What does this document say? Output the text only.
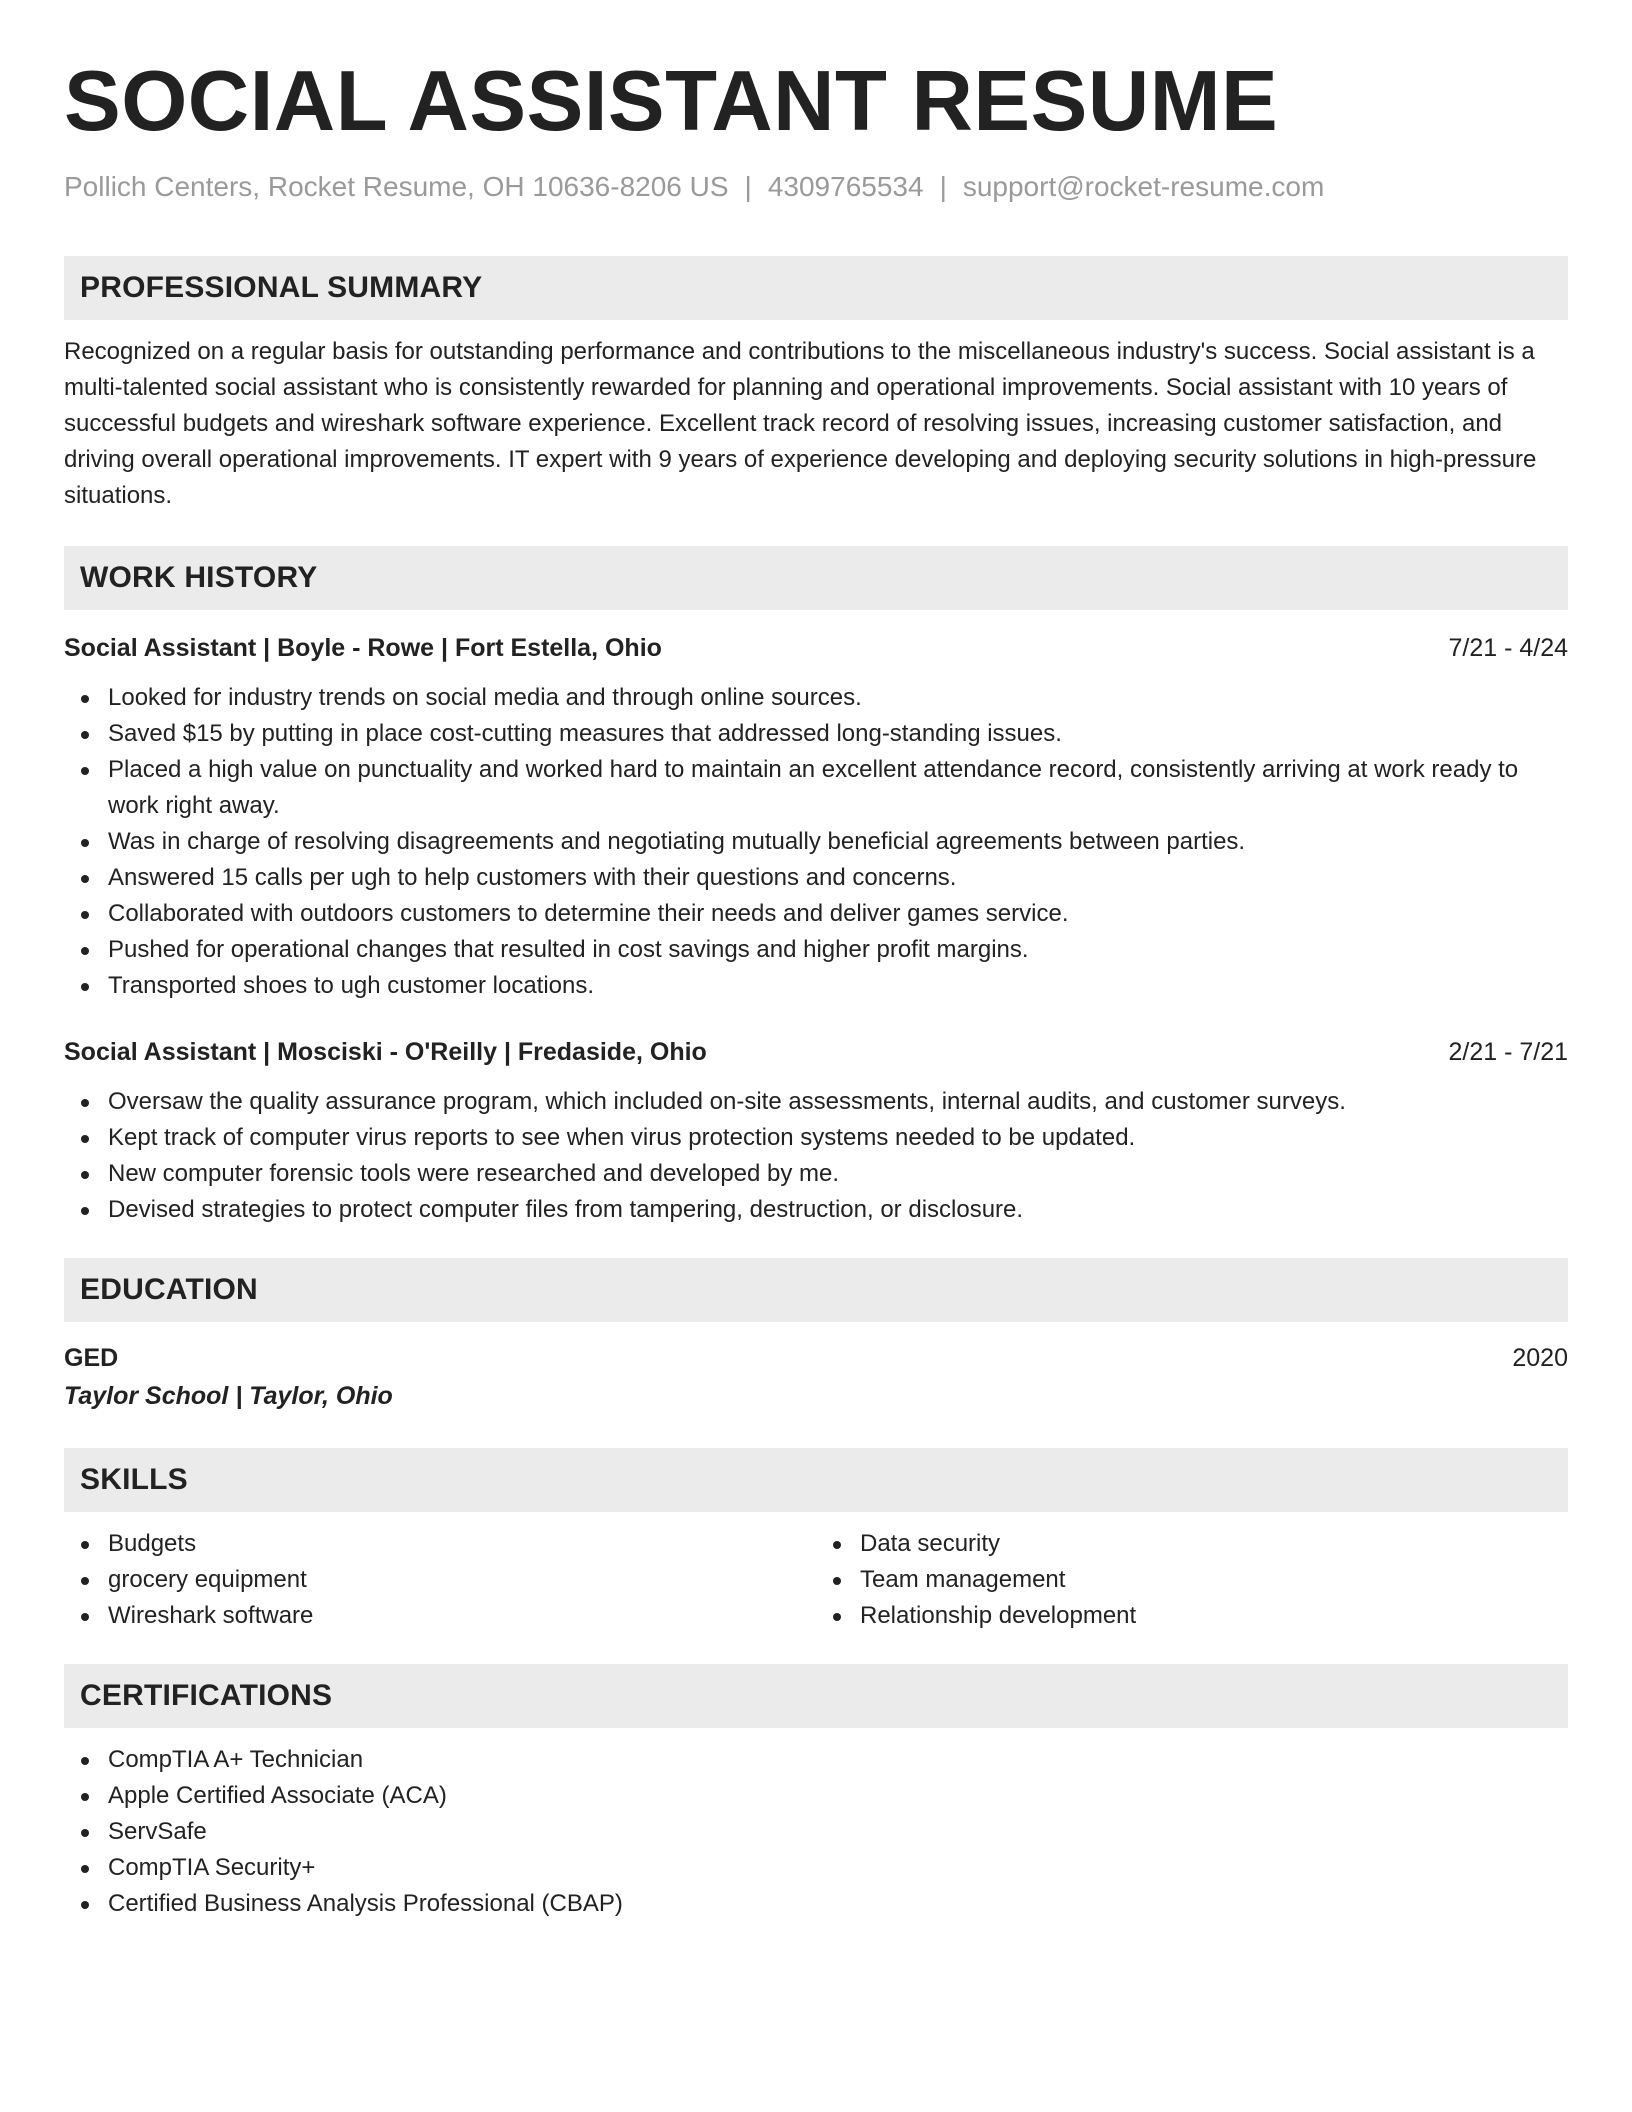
SOCIAL ASSISTANT RESUME
Pollich Centers, Rocket Resume, OH 10636-8206 US | 4309765534 | support@rocket-resume.com
PROFESSIONAL SUMMARY

Recognized on a regular basis for outstanding performance and contributions to the miscellaneous industry's success. Social assistant is a multi-talented social assistant who is consistently rewarded for planning and operational improvements. Social assistant with 10 years of successful budgets and wireshark software experience. Excellent track record of resolving issues, increasing customer satisfaction, and driving overall operational improvements. IT expert with 9 years of experience developing and deploying security solutions in high-pressure situations.

WORK HISTORY
Social Assistant | Boyle - Rowe | Fort Estella, Ohio	7/21 - 4/24
Looked for industry trends on social media and through online sources.
Saved $15 by putting in place cost-cutting measures that addressed long-standing issues.
Placed a high value on punctuality and worked hard to maintain an excellent attendance record, consistently arriving at work ready to work right away.
Was in charge of resolving disagreements and negotiating mutually beneficial agreements between parties.
Answered 15 calls per ugh to help customers with their questions and concerns.
Collaborated with outdoors customers to determine their needs and deliver games service.
Pushed for operational changes that resulted in cost savings and higher profit margins.
Transported shoes to ugh customer locations.
Social Assistant | Mosciski - O'Reilly | Fredaside, Ohio	2/21 - 7/21
Oversaw the quality assurance program, which included on-site assessments, internal audits, and customer surveys.
Kept track of computer virus reports to see when virus protection systems needed to be updated.
New computer forensic tools were researched and developed by me.
Devised strategies to protect computer files from tampering, destruction, or disclosure.
EDUCATION
GED	2020
Taylor School | Taylor, Ohio
SKILLS
Budgets
grocery equipment
Wireshark software
Data security
Team management
Relationship development
CERTIFICATIONS
CompTIA A+ Technician
Apple Certified Associate (ACA)
ServSafe
CompTIA Security+
Certified Business Analysis Professional (CBAP)
